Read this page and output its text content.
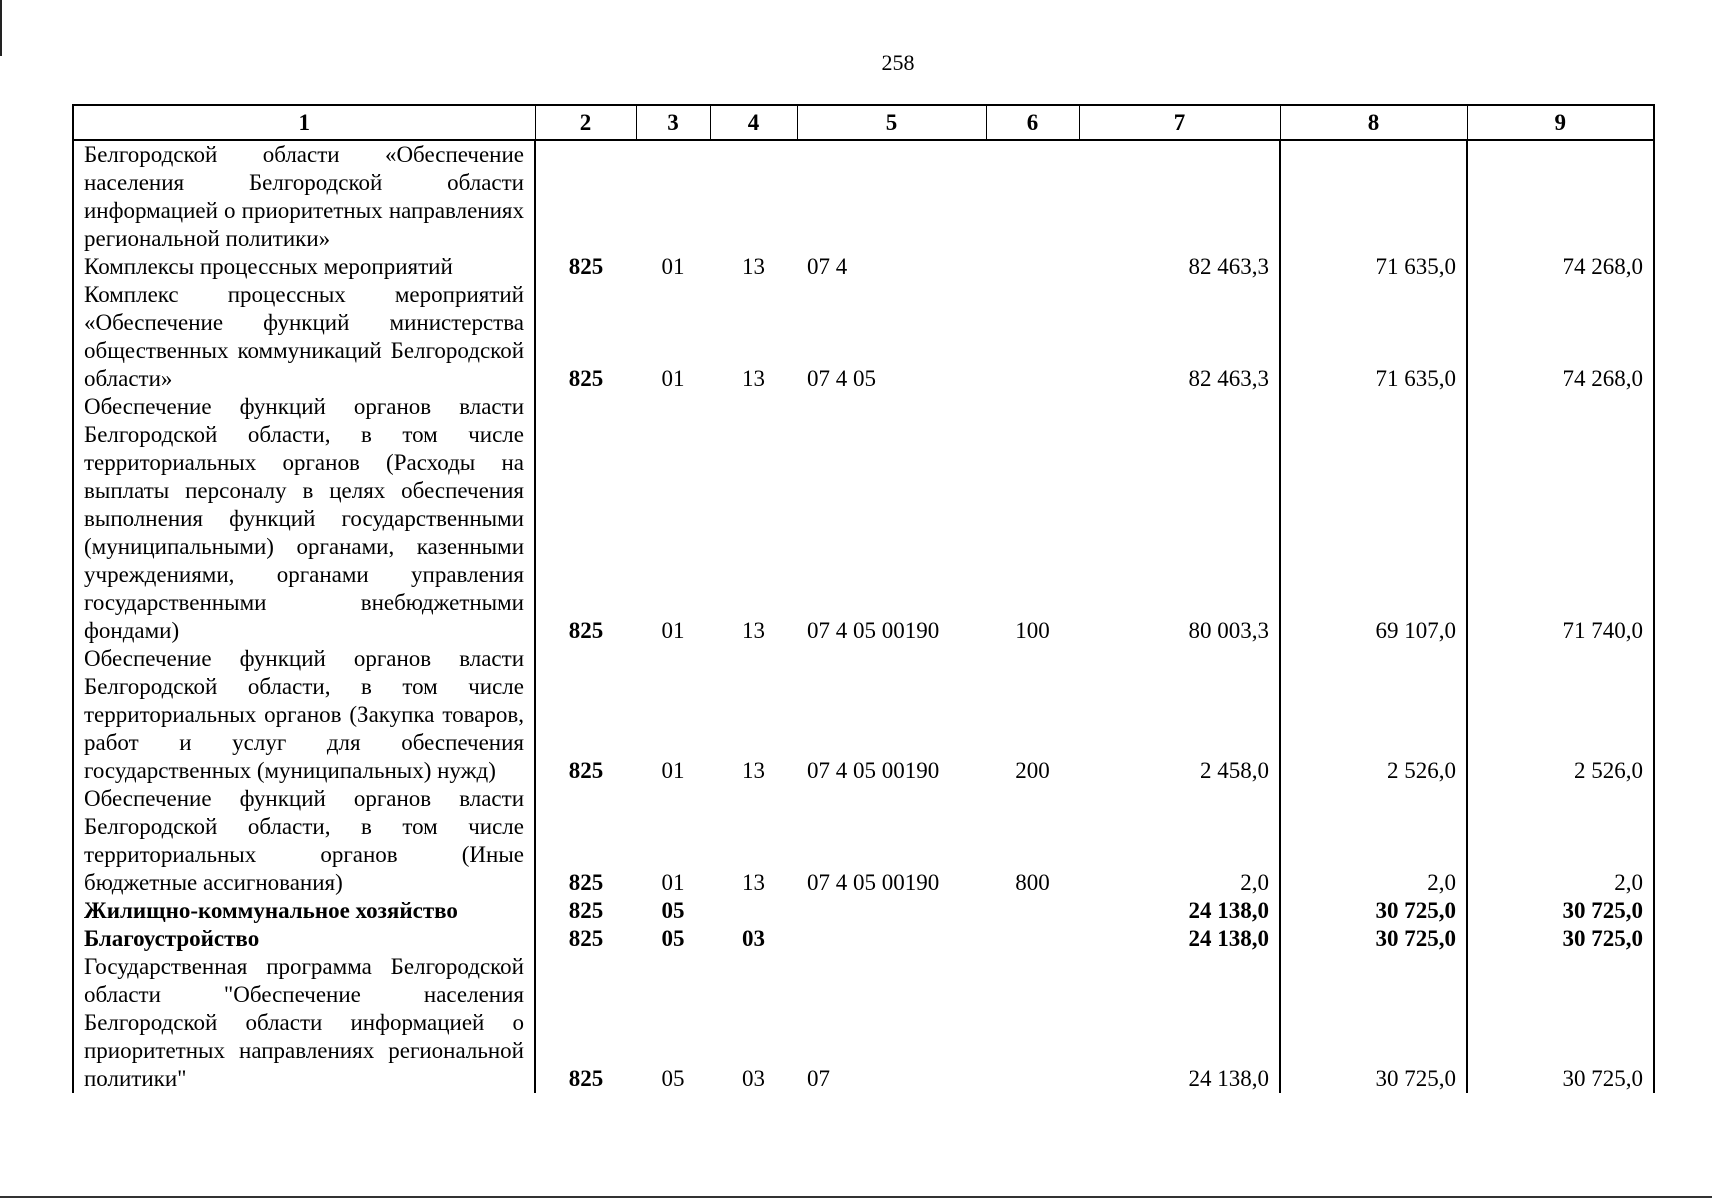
258
1	2	3	4	5	6	7	8	9
Белгородской области «Обеспечение населения Белгородской области информацией о приоритетных направлениях региональной политики»								
Комплексы процессных мероприятий	825	01	13	07 4		82 463,3	71 635,0	74 268,0
Комплекс процессных мероприятий «Обеспечение функций министерства общественных коммуникаций Белгородской области»	825	01	13	07 4 05		82 463,3	71 635,0	74 268,0
Обеспечение функций органов власти Белгородской области, в том числе территориальных органов (Расходы на выплаты персоналу в целях обеспечения выполнения функций государственными (муниципальными) органами, казенными учреждениями, органами управления государственными внебюджетными фондами)	825	01	13	07 4 05 00190	100	80 003,3	69 107,0	71 740,0
Обеспечение функций органов власти Белгородской области, в том числе территориальных органов (Закупка товаров, работ и услуг для обеспечения государственных (муниципальных) нужд)	825	01	13	07 4 05 00190	200	2 458,0	2 526,0	2 526,0
Обеспечение функций органов власти Белгородской области, в том числе территориальных органов (Иные бюджетные ассигнования)	825	01	13	07 4 05 00190	800	2,0	2,0	2,0
Жилищно-коммунальное хозяйство	825	05				24 138,0	30 725,0	30 725,0
Благоустройство	825	05	03			24 138,0	30 725,0	30 725,0
Государственная программа Белгородской области "Обеспечение населения Белгородской области информацией о приоритетных направлениях региональной политики"	825	05	03	07		24 138,0	30 725,0	30 725,0
